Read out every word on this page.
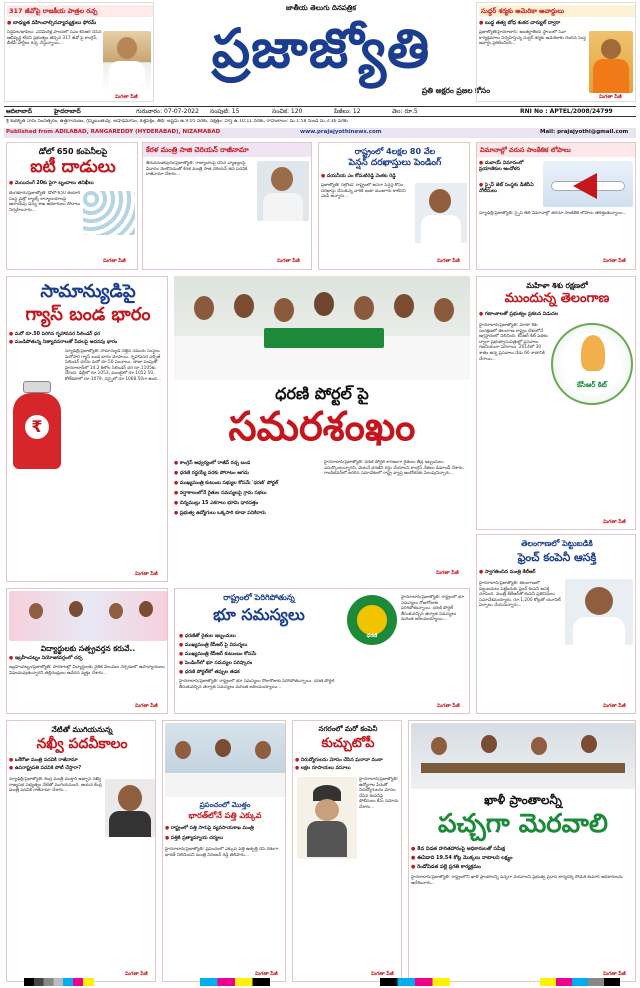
317 జీవోపై రాజకీయ పాత్రల రచ్చ
● బాధ్యుత వహించాల్సినవ్యాన్ముక్తులు ఫోరమ్
సిద్ధిపేట/ఖాపీలు: ఎనిమిదేళ్ల పాలనలో సీఎం కేసీఆర్ చేసిన అభివృద్ధి లేదని ప్రభుత్వం తెచ్చిన 317 జీవో పై కాంగ్రెస్, బీజేపీ పార్టీలు రచ్చ చేస్తున్నాయి...
మిగతా పేజీ
జాతీయ తెలుగు దినపత్రిక
ప్రజాజ్యోతి
ప్రతి అక్షరం ప్రజల కోసం
సుద్ధర్ శర్మకు అమెరికా అవార్డులు
● బుద్ధ తత్వ బోధ శంకర చార్యుల్ ద్వారా
ప్రజాజ్యోతి/హైదరాబాద్: అంతర్జాతీయ స్థాయిలో సేవా కార్యక్రమాలు నిర్వహిస్తున్న సుద్ధర్ శర్మకు అమెరికాకు చెందిన సంస్థ అవార్డు ప్రకటించింది...
మిగతా పేజీ
ఆదిలాబాద్	హైదరాబాద్	గురువారం: 07-07-2022 సంపుటి: 15	సంచిక: 120	పేజీలు: 12	వెల: రూ.5	RNI No : APTEL/2008/24799
శ్రీ శుభకృత్ నామ సంవత్సరం, ఉత్తరాయణం, గ్రీష్మఋతువు, ఆషాఢమాసం, శుక్లపక్షం, తిథి: అష్టమి ఉ.9:05 వరకు, నక్షత్రం: హస్త ఉ.10:11 వరకు, రాహుకాలం: మ.1:58 నుండి మ.3:36 వరకు
Published from ADILABAD, RANGAREDDY (HYDERABAD), NIZAMABAD	www.prajajyothinews.com	Mail: prajajyothi@gmail.com
డోలో 650 కంపెనీలపై
ఐటీ దాడులు
● మెయినంగే 20కు పైగా బృందాలు తనిఖీలు
బెంగళూరు/ప్రజాజ్యోతి: డోలో-650 తయారీ సంస్థ మైక్రో ల్యాబ్స్ కార్యాలయాలపై ఆదాయపు పన్ను శాఖ అధికారులు సోదాలు నిర్వహించారు...
మిగతా పేజీ
కేరళ మంత్రి సాజి చెరియన్ రాజీనామా
తిరువనంతపురం/ప్రజాజ్యోతి: రాజ్యాంగంపై చేసిన వ్యాఖ్యలపై వివాదం నెలకొనడంతో కేరళ మంత్రి సాజి చెరియన్ తన పదవికి రాజీనామా చేశారు...
మిగతా పేజీ
రాష్ట్రంలో 4లక్షల 80 వేల
పెన్షన్ దరఖాస్తులు పెండింగ్
● దయనీయ ఎం కోమటిరెడ్డి వెంకట రెడ్డి
ప్రజాజ్యోతి/ నల్గొండ: రాష్ట్రంలో ఆసరా పెన్షన్ల కోసం దరఖాస్తు చేసుకున్న వారికి ఇంకా మంజూరు కాలేదని ఎంపీ అన్నారు...
మిగతా పేజీ
విమానాల్లో వరుస సాంకేతిక లోపాలు
● దుబాయ్ విమానంలో ప్రయాణికుల ఆందోళన
● స్పైస్ జెట్ సంస్థకు డీజీసీఏ నోటీసులు
న్యూఢిల్లీ/ప్రజాజ్యోతి: స్పైస్ జెట్ విమానాల్లో తరచూ సాంకేతిక లోపాలు తలెత్తుతున్నాయి...
మిగతా పేజీ
సామాన్యుడిపై
గ్యాస్ బండ భారం
● మరో రూ.50 పెరిగిన గృహావసర సిలిండర్ ధర
● మండిపోతున్న నిత్యావసరాలతో పేదలపై అదనపు భారం
₹
న్యూఢిల్లీ/ప్రజాజ్యోతి: సామాన్యుడి నెత్తిన చమురు సంస్థలు మరోసారి గ్యాస్ బండ భారం మోపాయి. గృహావసర ఎల్పీజీ సిలిండర్ ధరను మరో రూ.50 పెంచాయి. తాజా పెంపుతో హైదరాబాద్‌లో 14.2 కిలోల సిలిండర్ ధర రూ.1105కు చేరింది. ఢిల్లీలో రూ.1053, ముంబైలో రూ.1052.50, కోల్‌కతాలో రూ.1079, చెన్నైలో రూ.1068.50గా ఉంది...
మిగతా పేజీ
ధరణి పోర్టల్ పై
సమరశంఖం
● కాంగ్రెస్ ఆధ్వర్యంలో రాజీవ్ రచ్చ బండ
● ధరణి రద్దయ్యే వరకు పోరాటం ఆగదు
● ముఖ్యమంత్రి కుటుంబ సభ్యుల కోసమే 'ధరణి' పోర్టల్
● వర్షాకాలంలోనే రైతుల సమస్యలపై గ్రామ సభలు
● చిన్నముల్లు 15 ఎకరాలు భూమి ధారదత్తం
● ప్రభుత్వ ఉద్యోగులు ఒక్కసారి కూడా పనికిరారు
హైదరాబాద్/ప్రజాజ్యోతి: ధరణి పోర్టల్ కారణంగా రైతులు తీవ్ర ఇబ్బందులు ఎదుర్కొంటున్నారని, వెంటనే ధరణిని రద్దు చేయాలని కాంగ్రెస్ నేతలు డిమాండ్ చేశారు. గాంధీభవన్‌లో జరిగిన సమావేశంలో రాష్ట్ర వ్యాప్త ఆందోళనకు పిలుపునిచ్చారు...
మిగతా పేజీ
మహిళా శిశు రక్షణలో
ముందున్న తెలంగాణ
● గణాంకాలతో ప్రభుత్వం ప్రకటన విడుదల
హైదరాబాద్/ప్రజాజ్యోతి: మాతా శిశు సంరక్షణలో తెలంగాణ రాష్ట్రం దేశంలోనే అగ్రస్థానంలో నిలిచింది. కేసీఆర్ కిట్ పథకం ద్వారా ప్రభుత్వాసుపత్రుల్లో ప్రసవాలు గణనీయంగా పెరిగాయి. 2014లో 30 శాతం ఉన్న ప్రసవాలు నేడు 66 శాతానికి చేరాయి...
కేసీఆర్ కిట్
మిగతా పేజీ
తెలంగాణలో పెట్టుబడికి
ఫ్రెంచ్ కంపెనీ ఆసక్తి
● స్వాగతించిన మంత్రి కేటీఆర్
హైదరాబాద్/ప్రజాజ్యోతి: తెలంగాణలో పెట్టుబడులు పెట్టేందుకు ఫ్రెంచ్ కంపెనీ ఆసక్తి చూపింది. మంత్రి కేటీఆర్‌తో కంపెనీ ప్రతినిధులు సమావేశమయ్యారు. రూ.1,200 కోట్లతో యూనిట్ ఏర్పాటు చేయనున్నారు...
మిగతా పేజీ
విద్యార్థులకు సత్ప్రవర్తన కరువే..
● ఇబ్రహీంపట్నం నియోజకవర్గంలో చర్చ
ఇబ్రహీంపట్నం/ప్రజాజ్యోతి: పాఠశాలల్లో విద్యార్థులకు నైతిక విలువలు నేర్పడంలో ఉపాధ్యాయులు విఫలమవుతున్నారని తల్లిదండ్రులు ఆవేదన వ్యక్తం చేశారు...
మిగతా పేజీ
రాష్ట్రంలో పెరిగిపోతున్న
భూ సమస్యలు
● ధరణితో రైతుల ఇబ్బందులు
● ముఖ్యమంత్రి కేసీఆర్ పై విమర్శలు
● ముఖ్యమంత్రి కేసీఆర్ కుటుంబం కోసమే
● పెండింగ్‌లో భూ సమస్యల పరిష్కారం
● ధరణి పోర్టల్‌లో తప్పుల తడక
హైదరాబాద్/ప్రజాజ్యోతి: రాష్ట్రంలో భూ సమస్యలు రోజురోజుకు పెరిగిపోతున్నాయి. ధరణి పోర్టల్ తీసుకువచ్చిన తర్వాత సమస్యలు మరింత జఠిలమయ్యాయి...
ధరణి
హైదరాబాద్/ప్రజాజ్యోతి: రాష్ట్రంలో భూ సమస్యలు రోజురోజుకు పెరిగిపోతున్నాయి. ధరణి పోర్టల్ తీసుకువచ్చిన తర్వాత సమస్యలు మరింత జఠిలమయ్యాయి...
మిగతా పేజీ
నేటితో ముగియనున్న
నఖ్వీ పదవీకాలం
● ఒకేరోజు మంత్రి పదవికి రాజీనామా
● ఉపరాష్ట్రపతి పదవికి పోటీ చేస్తారా?
న్యూఢిల్లీ/ప్రజాజ్యోతి: కేంద్ర మంత్రి ముక్తార్ అబ్బాస్ నఖ్వీ రాజ్యసభ సభ్యత్వం నేటితో ముగియనుంది. ఆయన కేంద్ర మంత్రి పదవికి రాజీనామా చేశారు...
మిగతా పేజీ
ప్రపంచంలో మొత్తం
భారత్‌లోనే పత్తి ఎక్కువ
● రాష్ట్రంలో పత్తి సాగుపై వ్యవసాయశాఖ మంత్రి
● పత్తికి ప్రత్యామ్నాయ చర్యలు
హైదరాబాద్/ప్రజాజ్యోతి: ప్రపంచంలో ఎక్కువ పత్తి ఉత్పత్తి చేసే దేశంగా భారత్ నిలిచిందని మంత్రి నిరంజన్ రెడ్డి తెలిపారు...
మిగతా పేజీ
నగరంలో మరో కంపెనీ
కుచ్చుటోపీ
● నిరుద్యోగులను మోసం చేసిన ఘరానా ముఠా
● లక్షల రూపాయలు వసూలు
హైదరాబాద్/ప్రజాజ్యోతి: ఉద్యోగాల పేరుతో నిరుద్యోగులను మోసం చేసిన కంపెనీపై పోలీసులు కేసు నమోదు చేశారు...
మిగతా పేజీ
ఖాళీ ప్రాంతాలన్నీ
పచ్చగా మెరవాలి
● 8వ విడత హరితహారంపై అధికారులతో సమీక్ష
● ఈఏడాది 19.54 కోట్ల మొక్కలు నాటాలని లక్ష్యం
● రెండోవిడత పల్లె ప్రగతి కార్యక్రమం
హైదరాబాద్/ప్రజాజ్యోతి: రాష్ట్రంలోని ఖాళీ ప్రాంతాలన్నీ పచ్చగా మెరవాలని ప్రభుత్వ ప్రధాన కార్యదర్శి సోమేశ్ కుమార్ అధికారులను ఆదేశించారు...
మిగతా పేజీ
